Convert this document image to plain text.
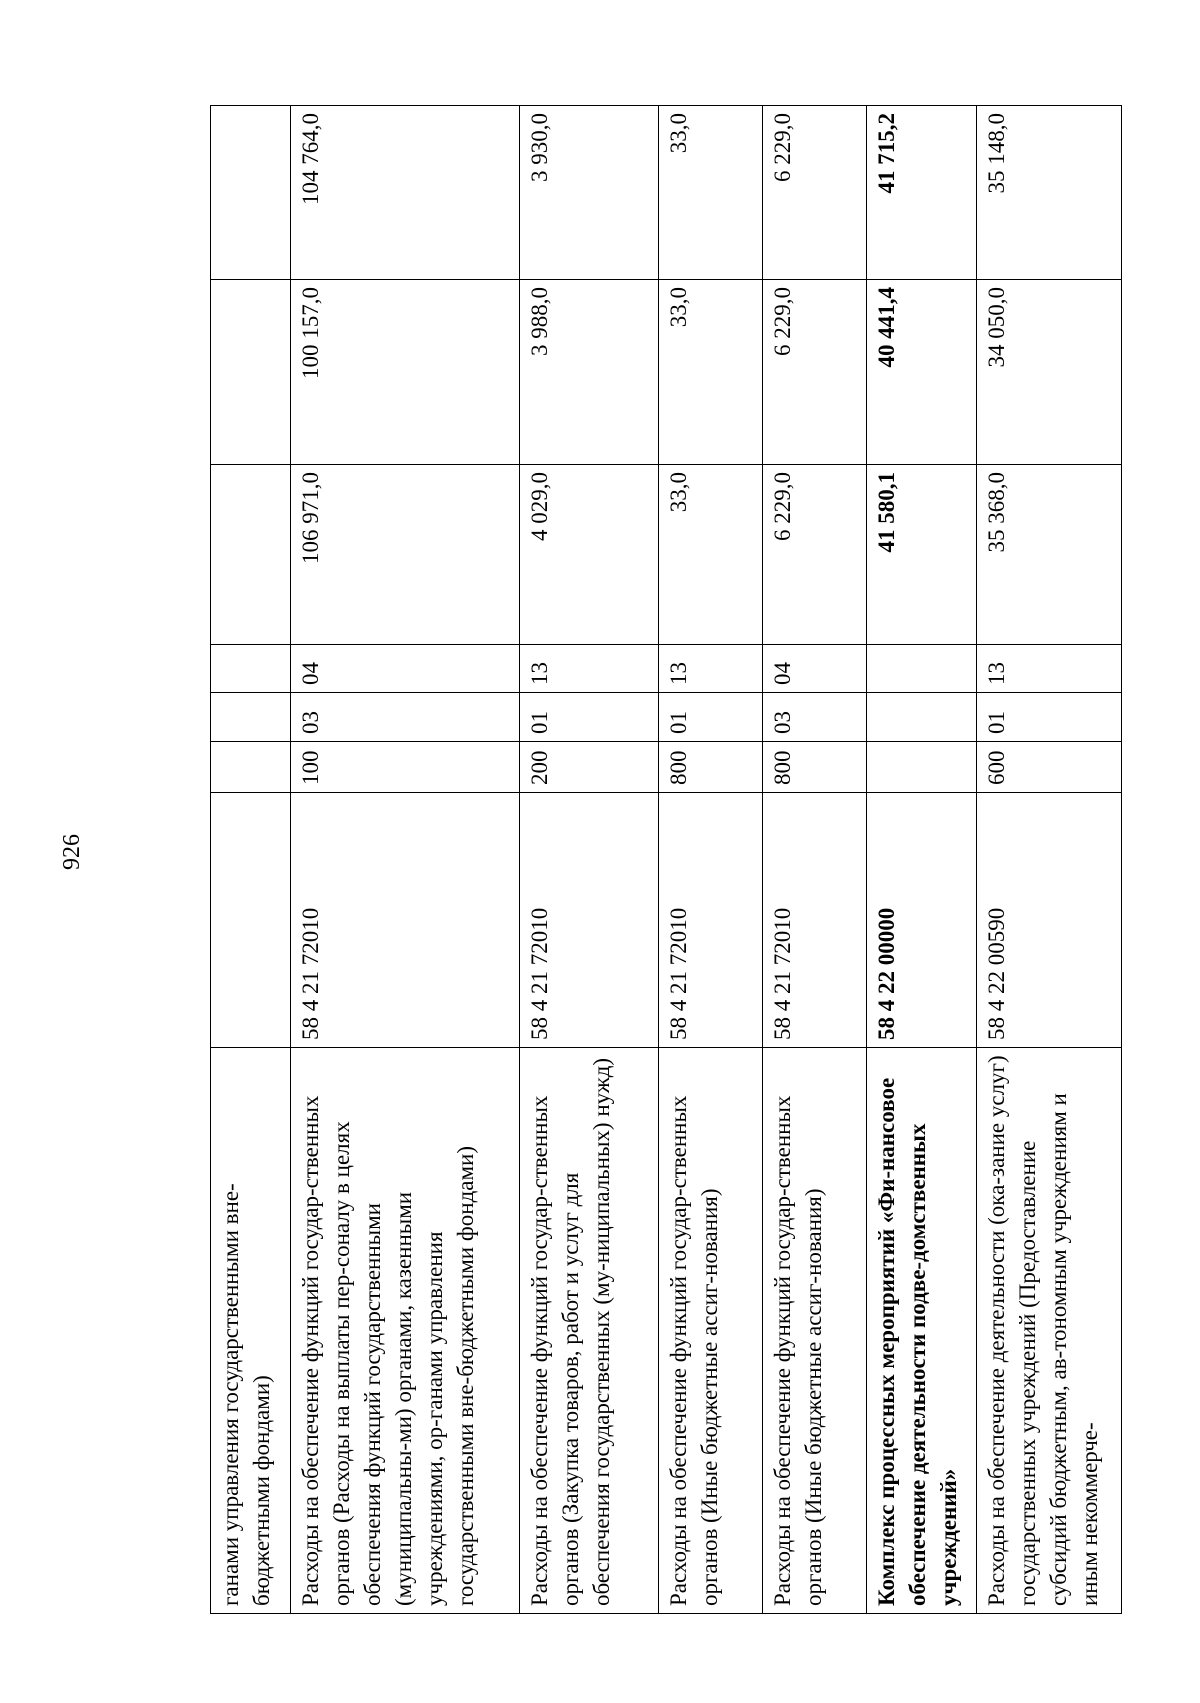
926
ганами управления государственными вне-бюджетными фондами)							
Расходы на обеспечение функций государ-ственных органов (Расходы на выплаты пер-соналу в целях обеспечения функций государственными (муниципальны-ми) органами, казенными учреждениями, ор-ганами управления государственными вне-бюджетными фондами)	58 4 21 72010	100	03	04	106 971,0	100 157,0	104 764,0
Расходы на обеспечение функций государ-ственных органов (Закупка товаров, работ и услуг для обеспечения государственных (му-ниципальных) нужд)	58 4 21 72010	200	01	13	4 029,0	3 988,0	3 930,0
Расходы на обеспечение функций государ-ственных органов (Иные бюджетные ассиг-нования)	58 4 21 72010	800	01	13	33,0	33,0	33,0
Расходы на обеспечение функций государ-ственных органов (Иные бюджетные ассиг-нования)	58 4 21 72010	800	03	04	6 229,0	6 229,0	6 229,0
Комплекс процессных мероприятий «Фи-нансовое обеспечение деятельности подве-домственных учреждений»	58 4 22 00000				41 580,1	40 441,4	41 715,2
Расходы на обеспечение деятельности (ока-зание услуг) государственных учреждений (Предоставление субсидий бюджетным, ав-тономным учреждениям и иным некоммерче-	58 4 22 00590	600	01	13	35 368,0	34 050,0	35 148,0
